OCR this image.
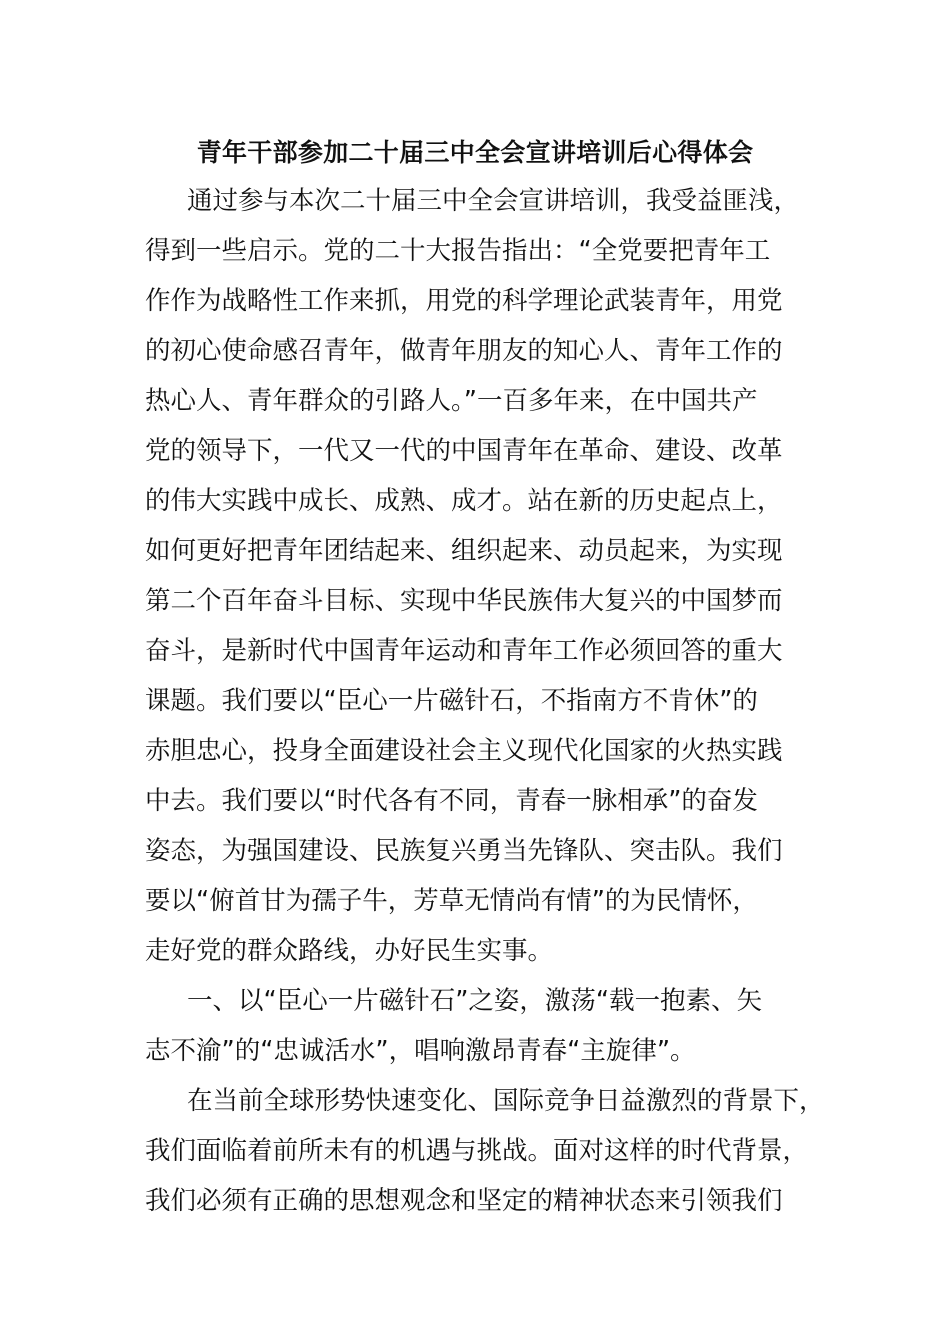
青年干部参加二十届三中全会宣讲培训后心得体会
通过参与本次二十届三中全会宣讲培训，我受益匪浅，
得到一些启示。党的二十大报告指出：“全党要把青年工
作作为战略性工作来抓，用党的科学理论武装青年，用党
的初心使命感召青年，做青年朋友的知心人、青年工作的
热心人、青年群众的引路人。”一百多年来，在中国共产
党的领导下，一代又一代的中国青年在革命、建设、改革
的伟大实践中成长、成熟、成才。站在新的历史起点上，
如何更好把青年团结起来、组织起来、动员起来，为实现
第二个百年奋斗目标、实现中华民族伟大复兴的中国梦而
奋斗，是新时代中国青年运动和青年工作必须回答的重大
课题。我们要以“臣心一片磁针石，不指南方不肯休”的
赤胆忠心，投身全面建设社会主义现代化国家的火热实践
中去。我们要以“时代各有不同，青春一脉相承”的奋发
姿态，为强国建设、民族复兴勇当先锋队、突击队。我们
要以“俯首甘为孺子牛，芳草无情尚有情”的为民情怀，
走好党的群众路线，办好民生实事。
一、以“臣心一片磁针石”之姿，激荡“载一抱素、矢
志不渝”的“忠诚活水”，唱响激昂青春“主旋律”。
在当前全球形势快速变化、国际竞争日益激烈的背景下，
我们面临着前所未有的机遇与挑战。面对这样的时代背景，
我们必须有正确的思想观念和坚定的精神状态来引领我们
